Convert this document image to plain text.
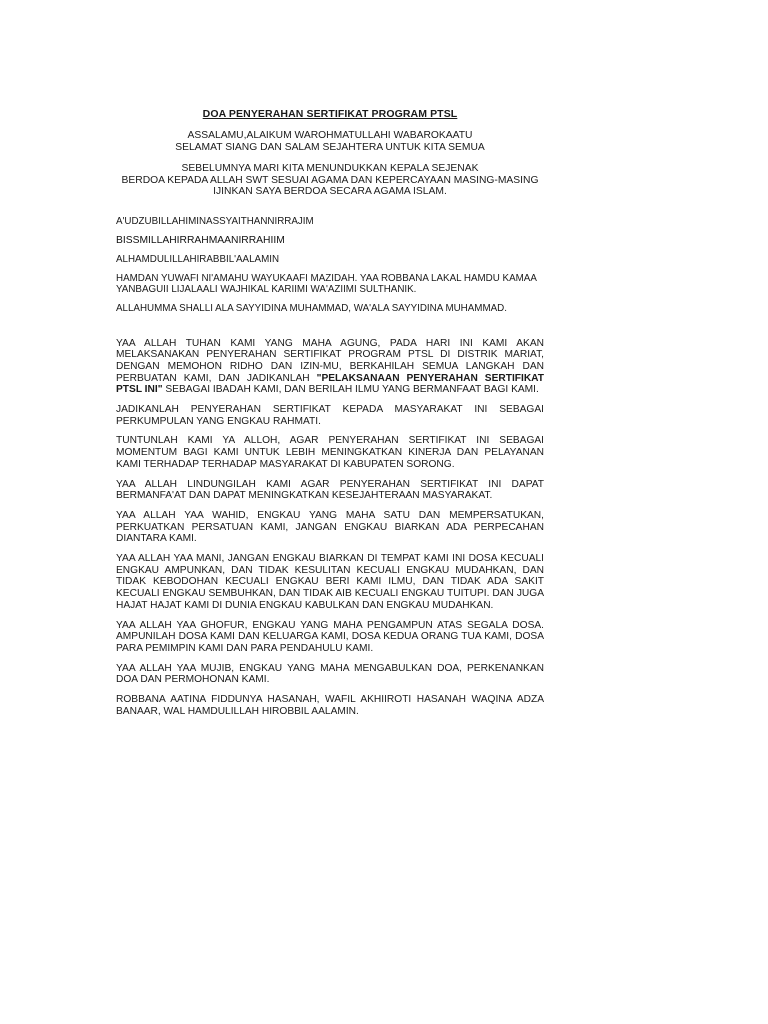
DOA PENYERAHAN SERTIFIKAT PROGRAM PTSL
ASSALAMU,ALAIKUM WAROHMATULLAHI WABAROKAATU
SELAMAT SIANG DAN SALAM SEJAHTERA UNTUK KITA SEMUA
SEBELUMNYA MARI KITA MENUNDUKKAN KEPALA SEJENAK
BERDOA KEPADA ALLAH SWT SESUAI AGAMA DAN KEPERCAYAAN MASING-MASING
IJINKAN SAYA BERDOA SECARA AGAMA ISLAM.

A'UDZUBILLAHIMINASSYAITHANNIRRAJIM

BISSMILLAHIRRAHMAANIRRAHIIM

ALHAMDULILLAHIRABBIL'AALAMIN

HAMDAN YUWAFI NI'AMAHU WAYUKAAFI MAZIDAH. YAA ROBBANA LAKAL HAMDU KAMAA YANBAGUII LIJALAALI WAJHIKAL KARIIMI WA'AZIIMI SULTHANIK.

ALLAHUMMA SHALLI ALA SAYYIDINA MUHAMMAD, WA'ALA SAYYIDINA MUHAMMAD.

YAA ALLAH TUHAN KAMI YANG MAHA AGUNG, PADA HARI INI KAMI AKAN MELAKSANAKAN PENYERAHAN SERTIFIKAT PROGRAM PTSL DI DISTRIK MARIAT, DENGAN MEMOHON RIDHO DAN IZIN-MU, BERKAHILAH SEMUA LANGKAH DAN PERBUATAN KAMI, DAN JADIKANLAH "PELAKSANAAN PENYERAHAN SERTIFIKAT PTSL INI" SEBAGAI IBADAH KAMI, DAN BERILAH ILMU YANG BERMANFAAT BAGI KAMI.

JADIKANLAH PENYERAHAN SERTIFIKAT KEPADA MASYARAKAT INI SEBAGAI PERKUMPULAN YANG ENGKAU RAHMATI.

TUNTUNLAH KAMI YA ALLOH, AGAR PENYERAHAN SERTIFIKAT INI SEBAGAI MOMENTUM BAGI KAMI UNTUK LEBIH MENINGKATKAN KINERJA DAN PELAYANAN KAMI TERHADAP TERHADAP MASYARAKAT DI KABUPATEN SORONG.

YAA ALLAH LINDUNGILAH KAMI AGAR PENYERAHAN SERTIFIKAT INI DAPAT BERMANFA'AT DAN DAPAT MENINGKATKAN KESEJAHTERAAN MASYARAKAT.

YAA ALLAH YAA WAHID, ENGKAU YANG MAHA SATU DAN MEMPERSATUKAN, PERKUATKAN PERSATUAN KAMI, JANGAN ENGKAU BIARKAN ADA PERPECAHAN DIANTARA KAMI.

YAA ALLAH YAA MANI, JANGAN ENGKAU BIARKAN DI TEMPAT KAMI INI DOSA KECUALI ENGKAU AMPUNKAN, DAN TIDAK KESULITAN KECUALI ENGKAU MUDAHKAN, DAN TIDAK KEBODOHAN KECUALI ENGKAU BERI KAMI ILMU, DAN TIDAK ADA SAKIT KECUALI ENGKAU SEMBUHKAN, DAN TIDAK AIB KECUALI ENGKAU TUITUPI. DAN JUGA HAJAT HAJAT KAMI DI DUNIA ENGKAU KABULKAN DAN ENGKAU MUDAHKAN.

YAA ALLAH YAA GHOFUR, ENGKAU YANG MAHA PENGAMPUN ATAS SEGALA DOSA. AMPUNILAH DOSA KAMI DAN KELUARGA KAMI, DOSA KEDUA ORANG TUA KAMI, DOSA PARA PEMIMPIN KAMI DAN PARA PENDAHULU KAMI.

YAA ALLAH YAA MUJIB, ENGKAU YANG MAHA MENGABULKAN DOA, PERKENANKAN DOA DAN PERMOHONAN KAMI.

ROBBANA AATINA FIDDUNYA HASANAH, WAFIL AKHIIROTI HASANAH WAQINA ADZA BANAAR, WAL HAMDULILLAH HIROBBIL AALAMIN.
